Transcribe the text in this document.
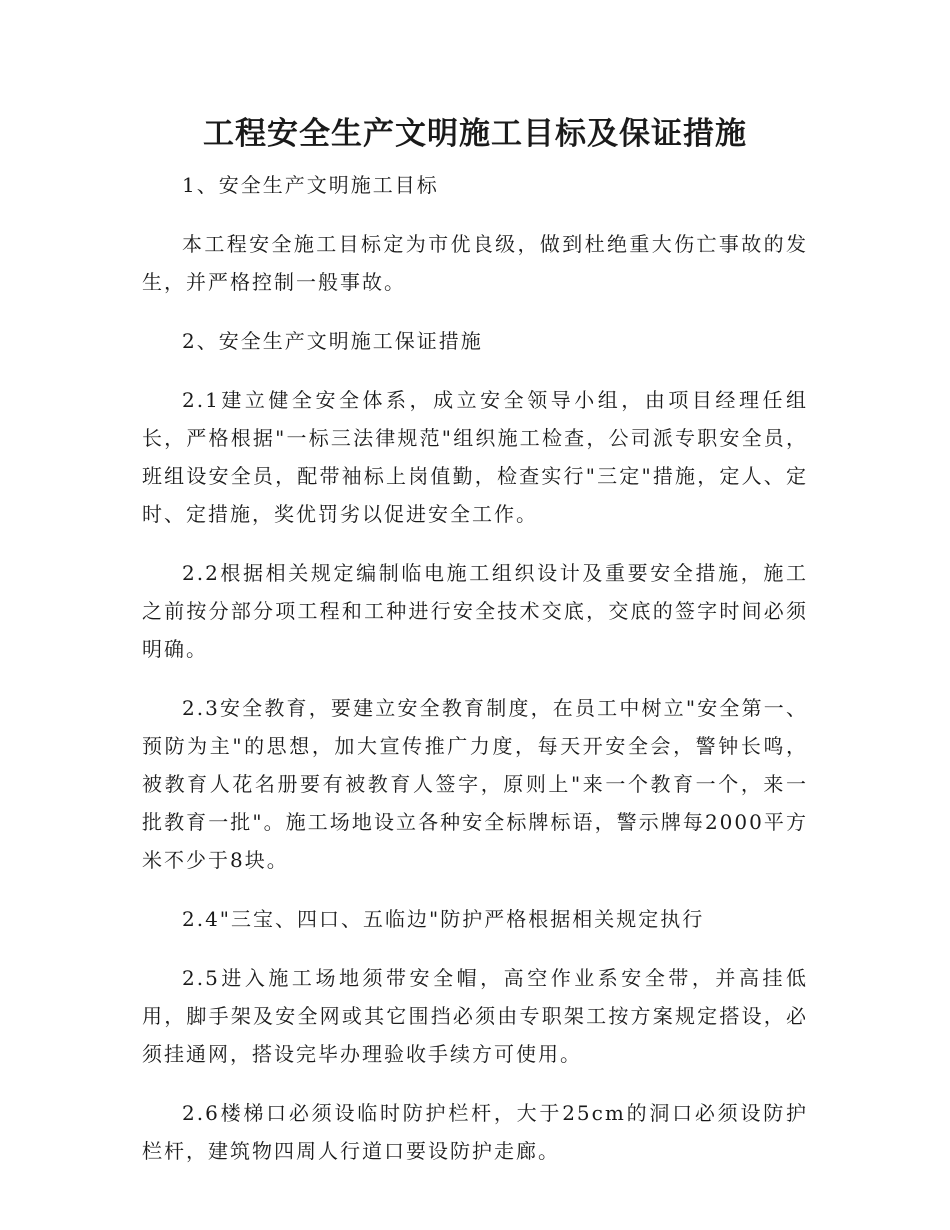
工程安全生产文明施工目标及保证措施

1、安全生产文明施工目标

本工程安全施工目标定为市优良级，做到杜绝重大伤亡事故的发生，并严格控制一般事故。

2、安全生产文明施工保证措施

2.1建立健全安全体系，成立安全领导小组，由项目经理任组长，严格根据"一标三法律规范"组织施工检查，公司派专职安全员，班组设安全员，配带袖标上岗值勤，检查实行"三定"措施，定人、定时、定措施，奖优罚劣以促进安全工作。

2.2根据相关规定编制临电施工组织设计及重要安全措施，施工之前按分部分项工程和工种进行安全技术交底，交底的签字时间必须明确。

2.3安全教育，要建立安全教育制度，在员工中树立"安全第一、预防为主"的思想，加大宣传推广力度，每天开安全会，警钟长鸣，被教育人花名册要有被教育人签字，原则上"来一个教育一个，来一批教育一批"。施工场地设立各种安全标牌标语，警示牌每2000平方米不少于8块。

2.4"三宝、四口、五临边"防护严格根据相关规定执行

2.5进入施工场地须带安全帽，高空作业系安全带，并高挂低用，脚手架及安全网或其它围挡必须由专职架工按方案规定搭设，必须挂通网，搭设完毕办理验收手续方可使用。

2.6楼梯口必须设临时防护栏杆，大于25cm的洞口必须设防护栏杆，建筑物四周人行道口要设防护走廊。
